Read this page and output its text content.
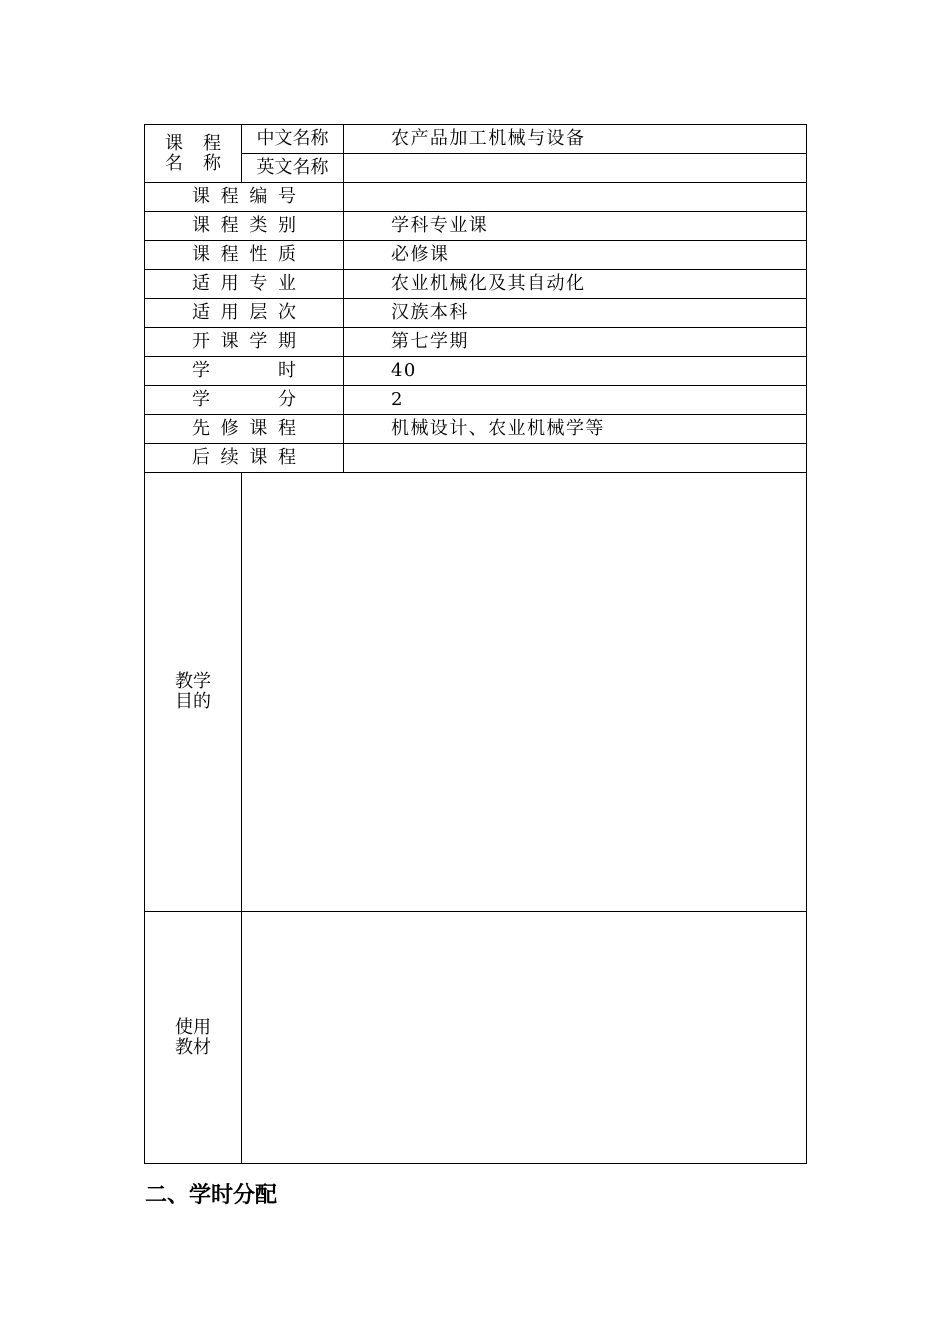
课 程
名 称	中文名称	农产品加工机械与设备
	英文名称	
课程编号		
课程类别		学科专业课
课程性质		必修课
适用专业		农业机械化及其自动化
适用层次		汉族本科
开课学期		第七学期
学时		40
学分		2
先修课程		机械设计、农业机械学等
后续课程		

教学
目的		

使用
教材		

二、学时分配
